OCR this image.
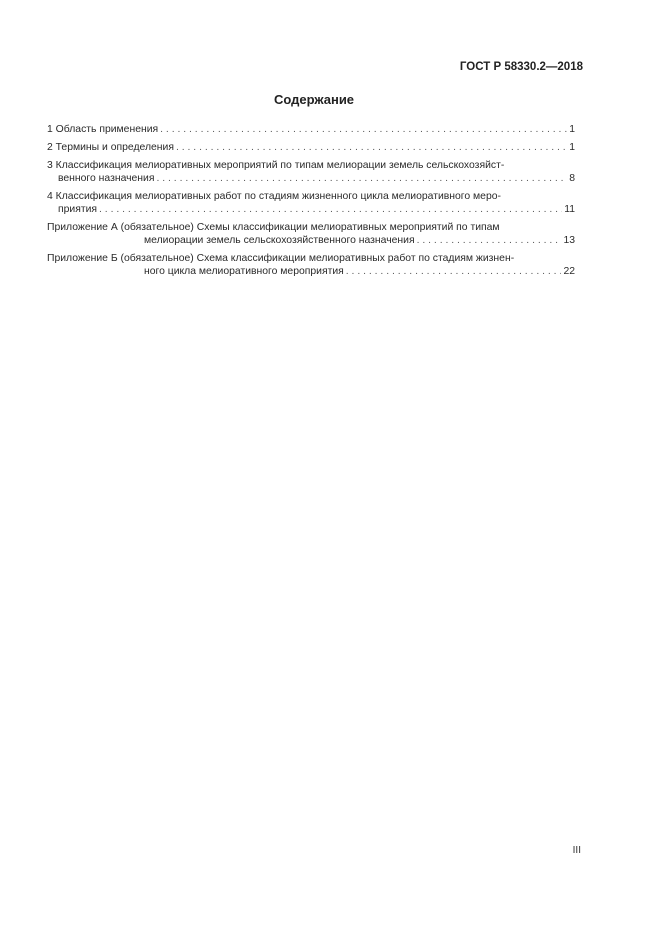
ГОСТ Р 58330.2—2018
Содержание
1 Область применения . . .	1
2 Термины и определения . . .	1
3 Классификация мелиоративных мероприятий по типам мелиорации земель сельскохозяйст-
венного назначения . . .	8
4 Классификация мелиоративных работ по стадиям жизненного цикла мелиоративного меро-
приятия . . .	11
Приложение А (обязательное) Схемы классификации мелиоративных мероприятий по типам
мелиорации земель сельскохозяйственного назначения . . .	13
Приложение Б (обязательное) Схема классификации мелиоративных работ по стадиям жизнен-
ного цикла мелиоративного мероприятия . . .	22
III
